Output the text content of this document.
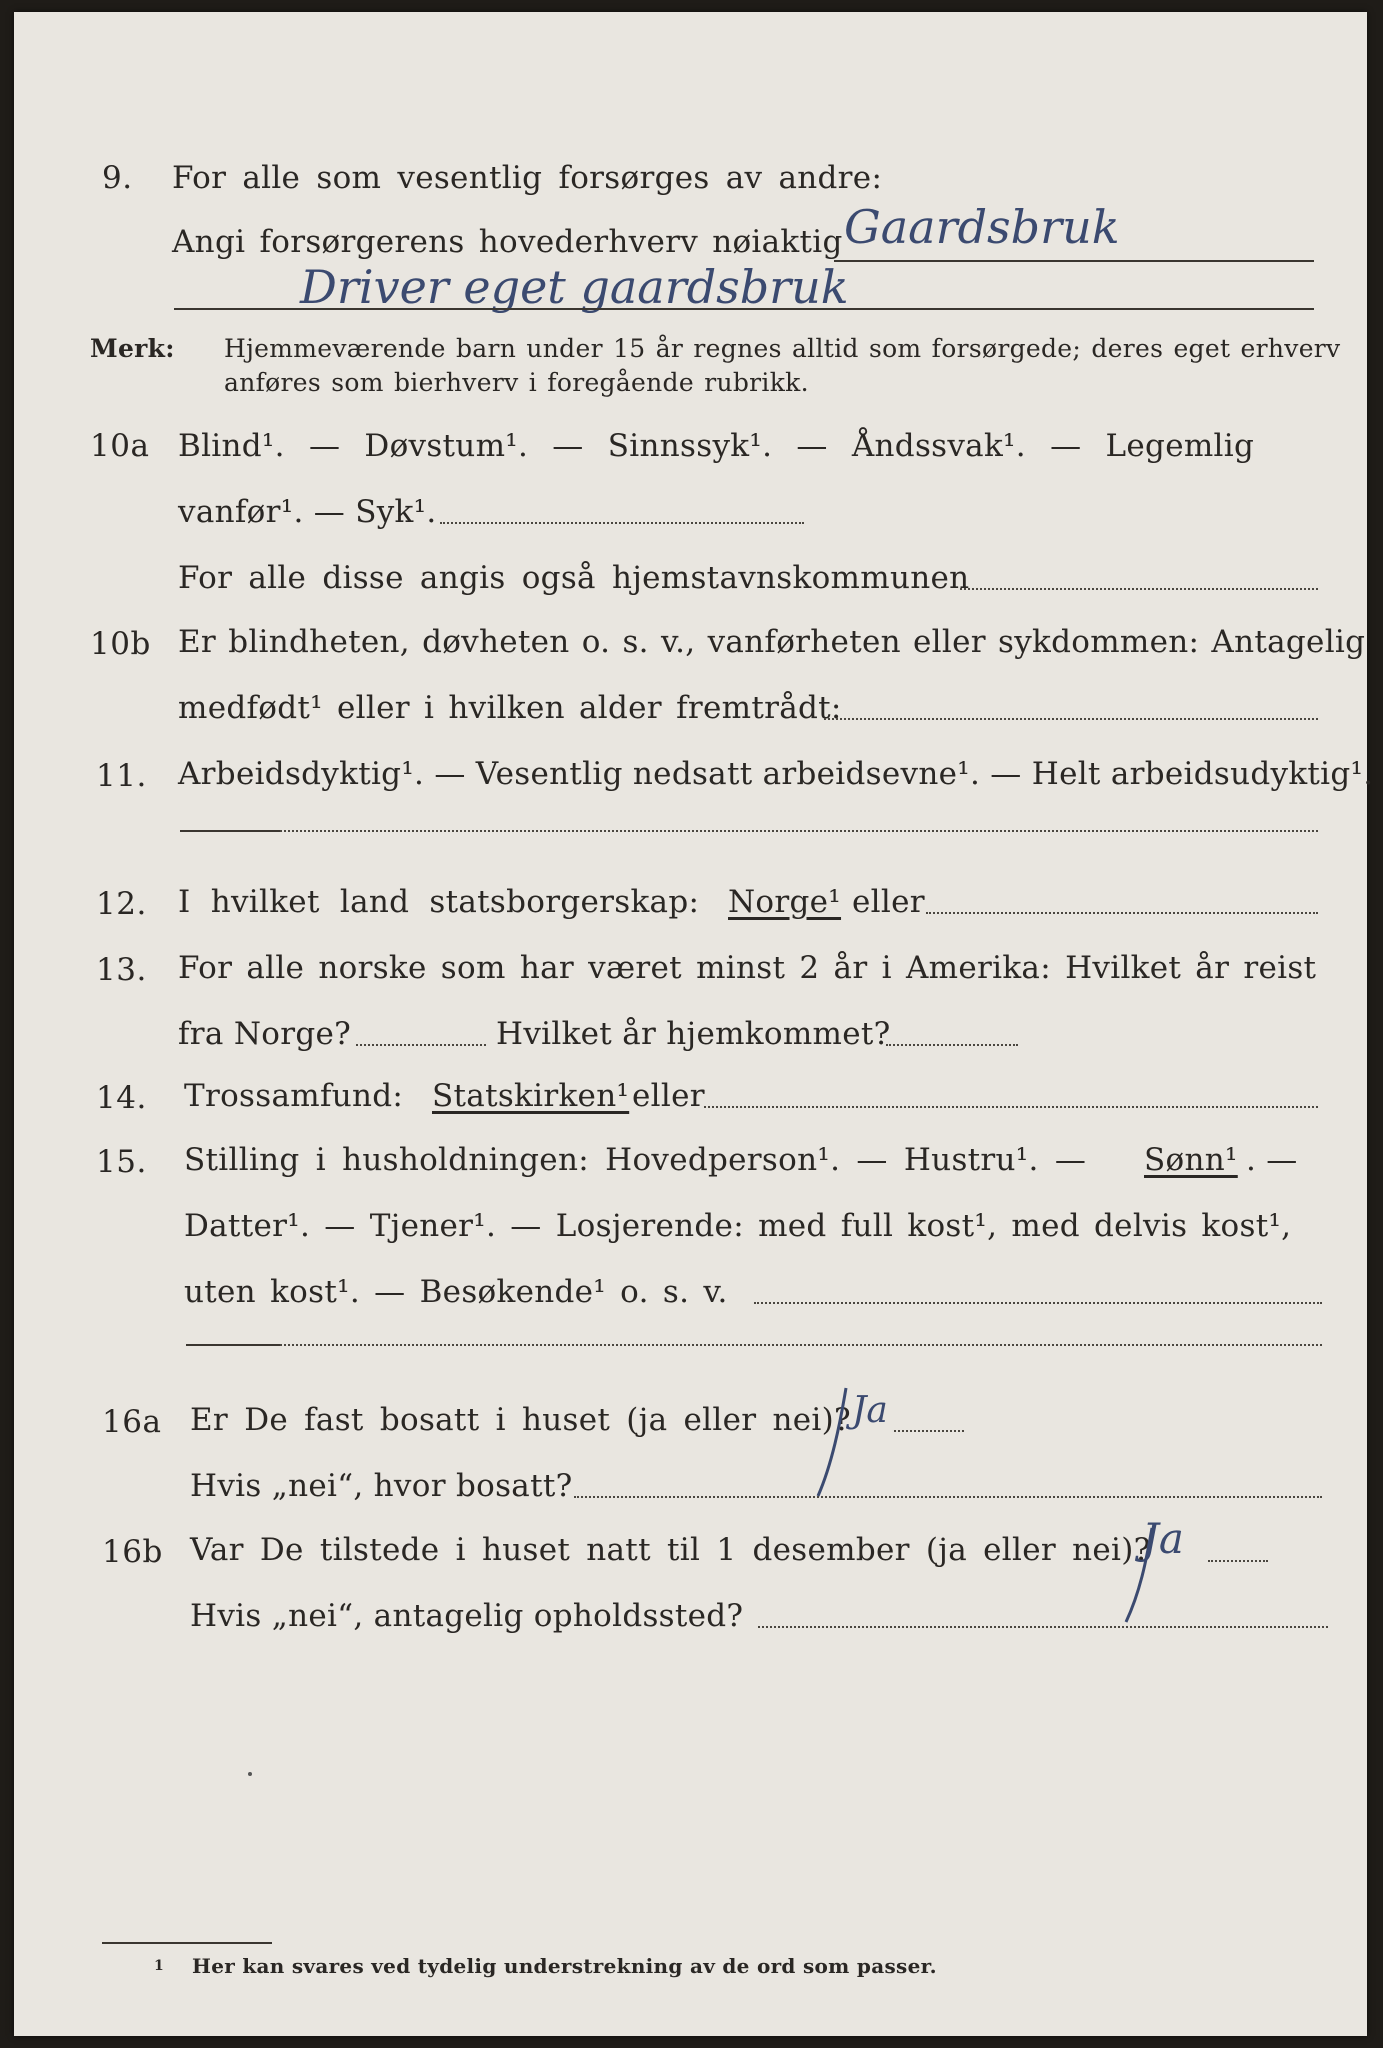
9. For alle som vesentlig forsørges av andre:
Angi forsørgerens hovederhverv nøiaktig Gaardsbruk
Driver eget gaardsbruk
Merk: Hjemmeværende barn under 15 år regnes alltid som forsørgede; deres eget erhverv
anføres som bierhverv i foregående rubrikk.
10a Blind¹. — Døvstum¹. — Sinnssyk¹. — Åndssvak¹. — Legemlig
vanfør¹. — Syk¹.
For alle disse angis også hjemstavnskommunen
10b Er blindheten, døvheten o. s. v., vanførheten eller sykdommen: Antagelig
medfødt¹ eller i hvilken alder fremtrådt:
11. Arbeidsdyktig¹. — Vesentlig nedsatt arbeidsevne¹. — Helt arbeidsudyktig¹.
12. I hvilket land statsborgerskap: Norge¹ eller
13. For alle norske som har været minst 2 år i Amerika: Hvilket år reist
fra Norge?	Hvilket år hjemkommet?
14. Trossamfund: Statskirken¹ eller
15. Stilling i husholdningen: Hovedperson¹. — Hustru¹. — Sønn¹ . —
Datter¹. — Tjener¹. — Losjerende: med full kost¹, med delvis kost¹,
uten kost¹. — Besøkende¹ o. s. v.
16a Er De fast bosatt i huset (ja eller nei)? Ja
Hvis „nei“, hvor bosatt?
16b Var De tilstede i huset natt til 1 desember (ja eller nei)?
Ja
Hvis „nei“, antagelig opholdssted?
1 Her kan svares ved tydelig understrekning av de ord som passer.
